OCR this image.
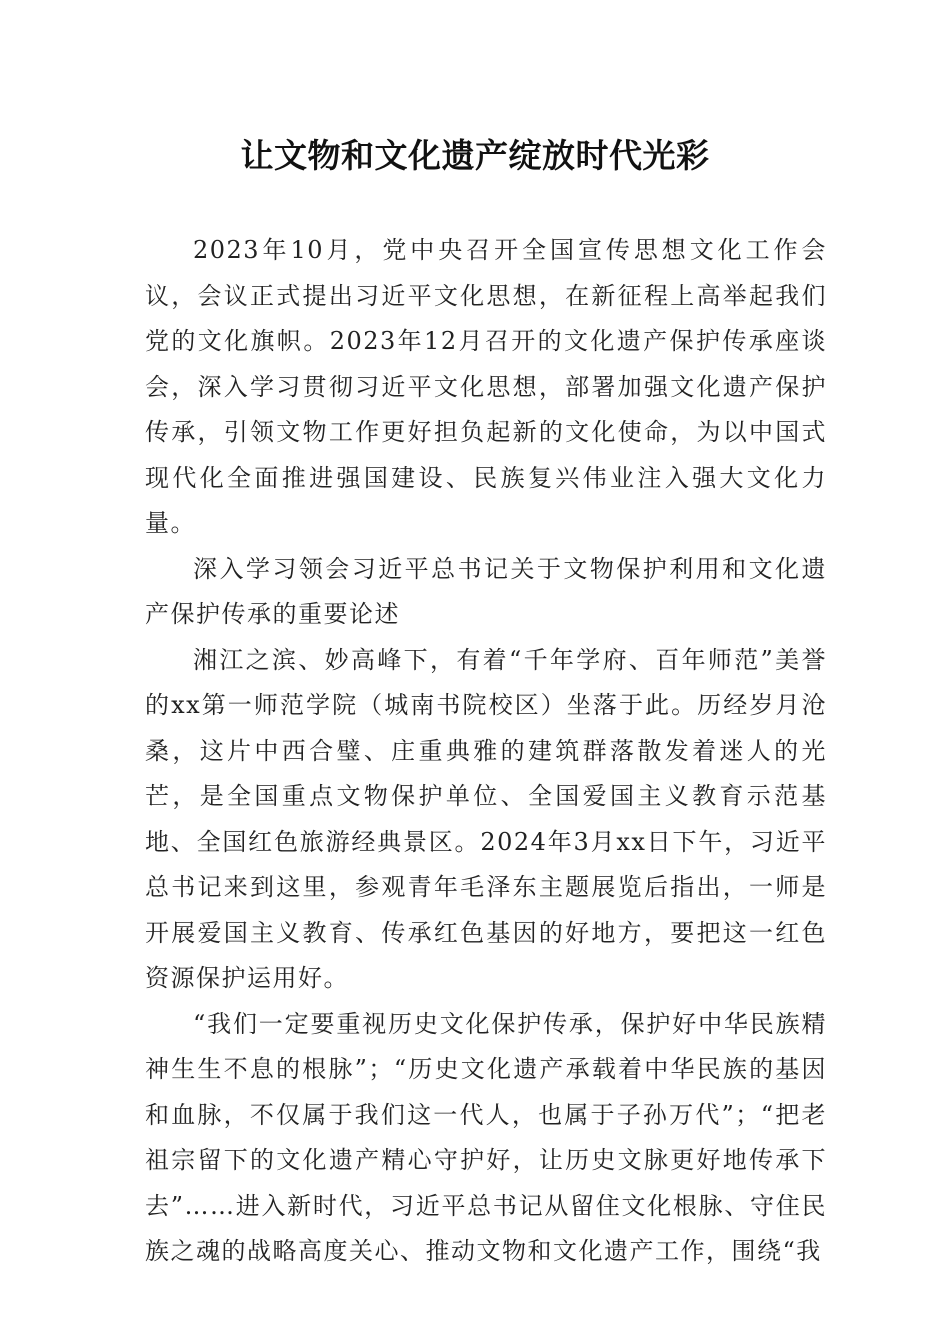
让文物和文化遗产绽放时代光彩

2023年10月，党中央召开全国宣传思想文化工作会议，会议正式提出习近平文化思想，在新征程上高举起我们党的文化旗帜。2023年12月召开的文化遗产保护传承座谈会，深入学习贯彻习近平文化思想，部署加强文化遗产保护传承，引领文物工作更好担负起新的文化使命，为以中国式现代化全面推进强国建设、民族复兴伟业注入强大文化力量。

深入学习领会习近平总书记关于文物保护利用和文化遗产保护传承的重要论述

湘江之滨、妙高峰下，有着“千年学府、百年师范”美誉的xx第一师范学院（城南书院校区）坐落于此。历经岁月沧桑，这片中西合璧、庄重典雅的建筑群落散发着迷人的光芒，是全国重点文物保护单位、全国爱国主义教育示范基地、全国红色旅游经典景区。2024年3月xx日下午，习近平总书记来到这里，参观青年毛泽东主题展览后指出，一师是开展爱国主义教育、传承红色基因的好地方，要把这一红色资源保护运用好。

“我们一定要重视历史文化保护传承，保护好中华民族精神生生不息的根脉”；“历史文化遗产承载着中华民族的基因和血脉，不仅属于我们这一代人，也属于子孙万代”；“把老祖宗留下的文化遗产精心守护好，让历史文脉更好地传承下去”……进入新时代，习近平总书记从留住文化根脉、守住民族之魂的战略高度关心、推动文物和文化遗产工作，围绕“我
